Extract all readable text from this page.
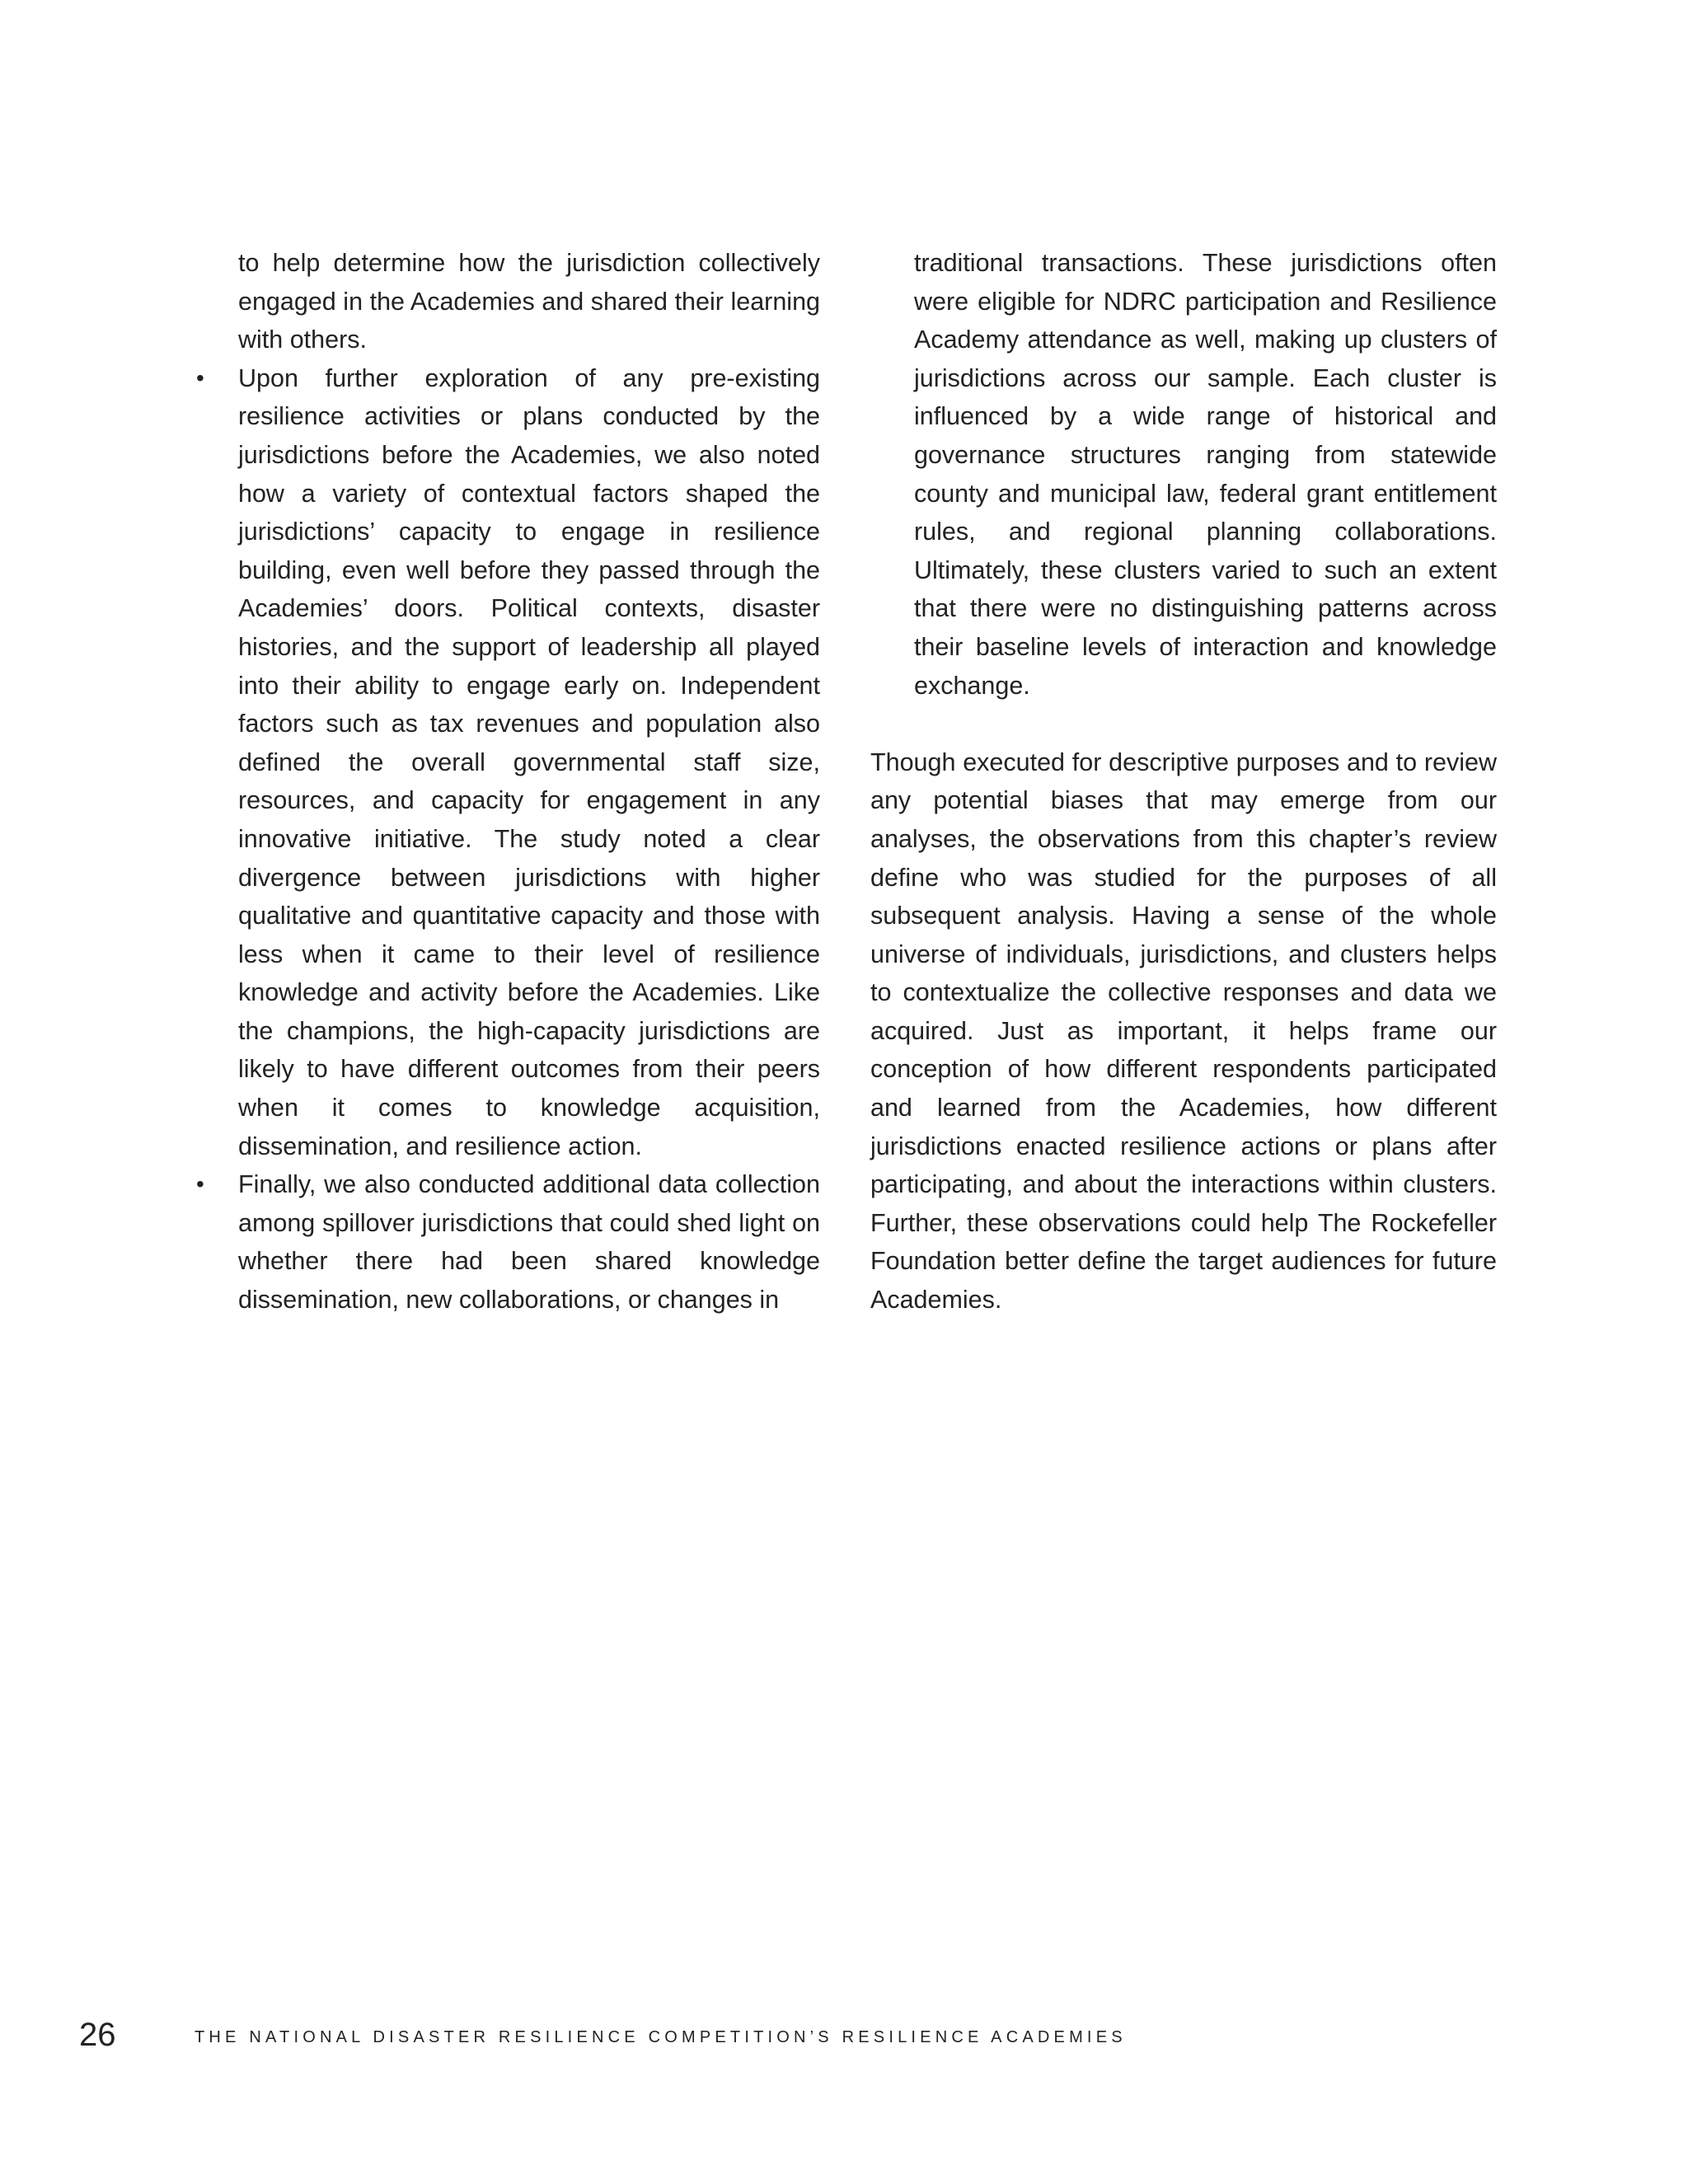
to help determine how the jurisdiction collectively engaged in the Academies and shared their learning with others.

• Upon further exploration of any pre-existing resilience activities or plans conducted by the jurisdictions before the Academies, we also noted how a variety of contextual factors shaped the jurisdictions’ capacity to engage in resilience building, even well before they passed through the Academies’ doors. Political contexts, disaster histories, and the support of leadership all played into their ability to engage early on. Independent factors such as tax revenues and population also defined the overall governmental staff size, resources, and capacity for engagement in any innovative initiative. The study noted a clear divergence between jurisdictions with higher qualitative and quantitative capacity and those with less when it came to their level of resilience knowledge and activity before the Academies. Like the champions, the high-capacity jurisdictions are likely to have different outcomes from their peers when it comes to knowledge acquisition, dissemination, and resilience action.

• Finally, we also conducted additional data collection among spillover jurisdictions that could shed light on whether there had been shared knowledge dissemination, new collaborations, or changes in

traditional transactions. These jurisdictions often were eligible for NDRC participation and Resilience Academy attendance as well, making up clusters of jurisdictions across our sample. Each cluster is influenced by a wide range of historical and governance structures ranging from statewide county and municipal law, federal grant entitlement rules, and regional planning collaborations. Ultimately, these clusters varied to such an extent that there were no distinguishing patterns across their baseline levels of interaction and knowledge exchange.

Though executed for descriptive purposes and to review any potential biases that may emerge from our analyses, the observations from this chapter’s review define who was studied for the purposes of all subsequent analysis. Having a sense of the whole universe of individuals, jurisdictions, and clusters helps to contextualize the collective responses and data we acquired. Just as important, it helps frame our conception of how different respondents participated and learned from the Academies, how different jurisdictions enacted resilience actions or plans after participating, and about the interactions within clusters. Further, these observations could help The Rockefeller Foundation better define the target audiences for future Academies.

26	THE NATIONAL DISASTER RESILIENCE COMPETITION’S RESILIENCE ACADEMIES
